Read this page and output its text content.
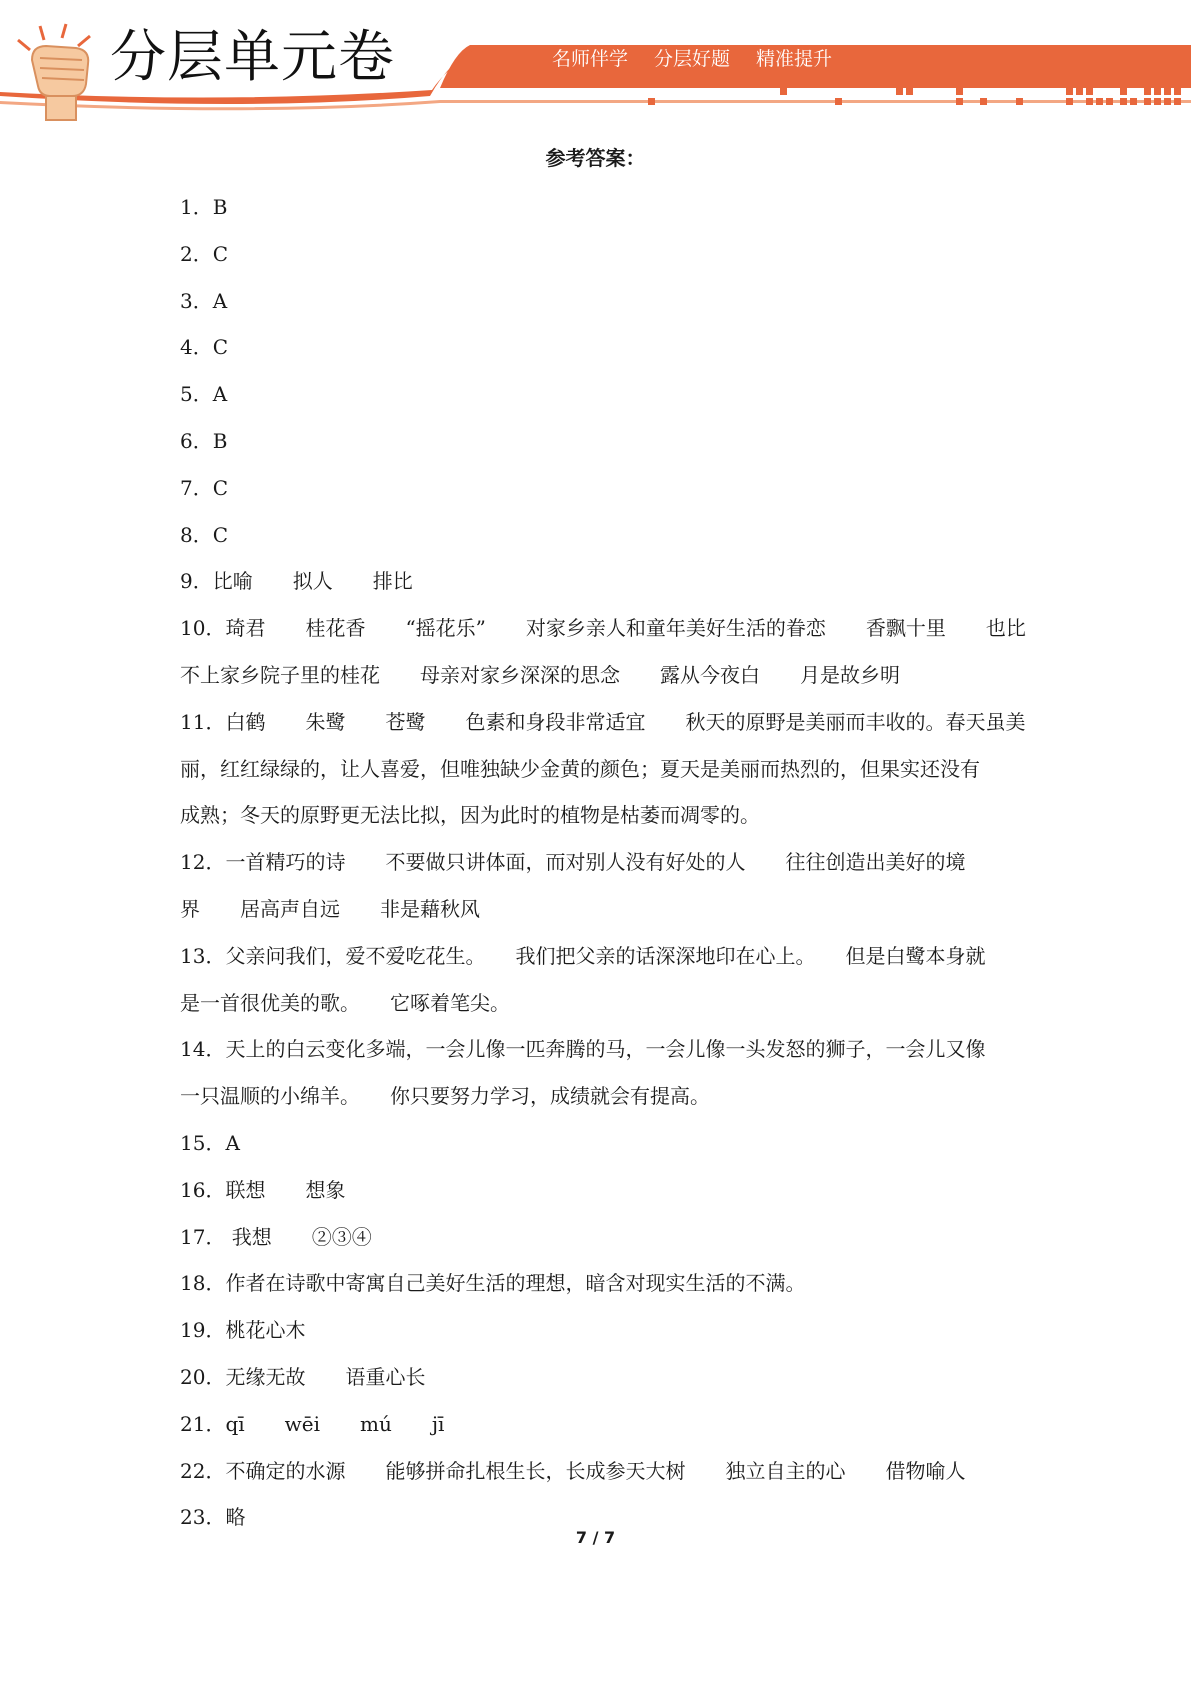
分层单元卷	名师伴学 分层好题 精准提升
参考答案：
1．B
2．C
3．A
4．C
5．A
6．B
7．C
8．C
9．比喻　　拟人　　排比
10．琦君　　桂花香　　“摇花乐”　　对家乡亲人和童年美好生活的眷恋　　香飘十里　　也比
不上家乡院子里的桂花　　母亲对家乡深深的思念　　露从今夜白　　月是故乡明
11．白鹤　　朱鹭　　苍鹭　　色素和身段非常适宜　　秋天的原野是美丽而丰收的。春天虽美
丽，红红绿绿的，让人喜爱，但唯独缺少金黄的颜色；夏天是美丽而热烈的，但果实还没有
成熟；冬天的原野更无法比拟，因为此时的植物是枯萎而凋零的。
12．一首精巧的诗　　不要做只讲体面，而对别人没有好处的人　　往往创造出美好的境
界　　居高声自远　　非是藉秋风
13．父亲问我们，爱不爱吃花生。　　我们把父亲的话深深地印在心上。　　但是白鹭本身就
是一首很优美的歌。　　它啄着笔尖。
14．天上的白云变化多端，一会儿像一匹奔腾的马，一会儿像一头发怒的狮子，一会儿又像
一只温顺的小绵羊。　　你只要努力学习，成绩就会有提高。
15．A
16．联想　　想象
17． 我想　　②③④
18．作者在诗歌中寄寓自己美好生活的理想，暗含对现实生活的不满。
19．桃花心木
20．无缘无故　　语重心长
21．qī　　wēi　　mú　　jī
22．不确定的水源　　能够拼命扎根生长，长成参天大树　　独立自主的心　　借物喻人
23．略
7 / 7
